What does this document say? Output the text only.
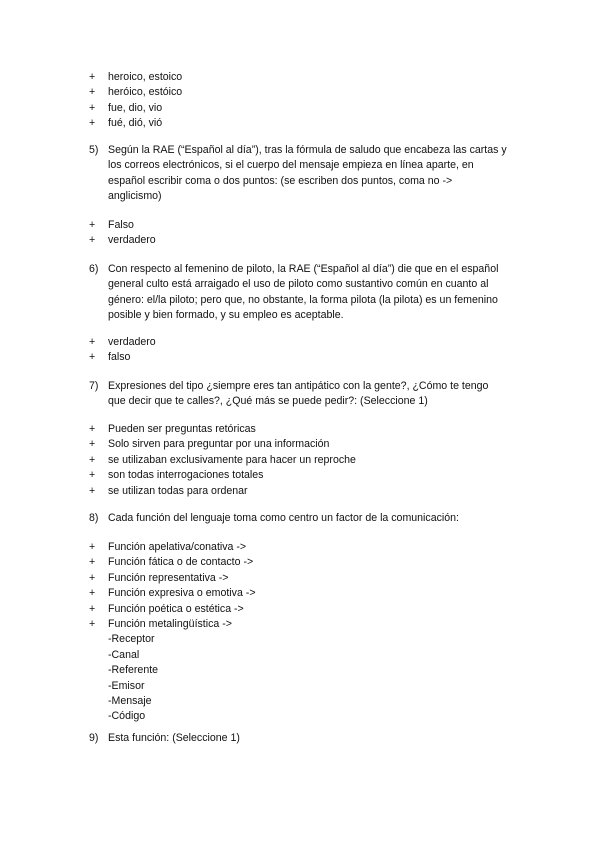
+ heroico, estoico
+ heróico, estóico
+ fue, dio, vio
+ fué, dió, vió
5) Según la RAE (“Español al día”), tras la fórmula de saludo que encabeza las cartas y
los correos electrónicos, si el cuerpo del mensaje empieza en línea aparte, en
español escribir coma o dos puntos: (se escriben dos puntos, coma no ->
anglicismo)
+ Falso
+ verdadero
6) Con respecto al femenino de piloto, la RAE (“Español al día”) die que en el español
general culto está arraigado el uso de piloto como sustantivo común en cuanto al
género: el/la piloto; pero que, no obstante, la forma pilota (la pilota) es un femenino
posible y bien formado, y su empleo es aceptable.
+ verdadero
+ falso
7) Expresiones del tipo ¿siempre eres tan antipático con la gente?, ¿Cómo te tengo
que decir que te calles?, ¿Qué más se puede pedir?: (Seleccione 1)
+ Pueden ser preguntas retóricas
+ Solo sirven para preguntar por una información
+ se utilizaban exclusivamente para hacer un reproche
+ son todas interrogaciones totales
+ se utilizan todas para ordenar
8) Cada función del lenguaje toma como centro un factor de la comunicación:
+ Función apelativa/conativa ->
+ Función fática o de contacto ->
+ Función representativa ->
+ Función expresiva o emotiva ->
+ Función poética o estética ->
+ Función metalingüística ->
-Receptor
-Canal
-Referente
-Emisor
-Mensaje
-Código
9) Esta función: (Seleccione 1)
